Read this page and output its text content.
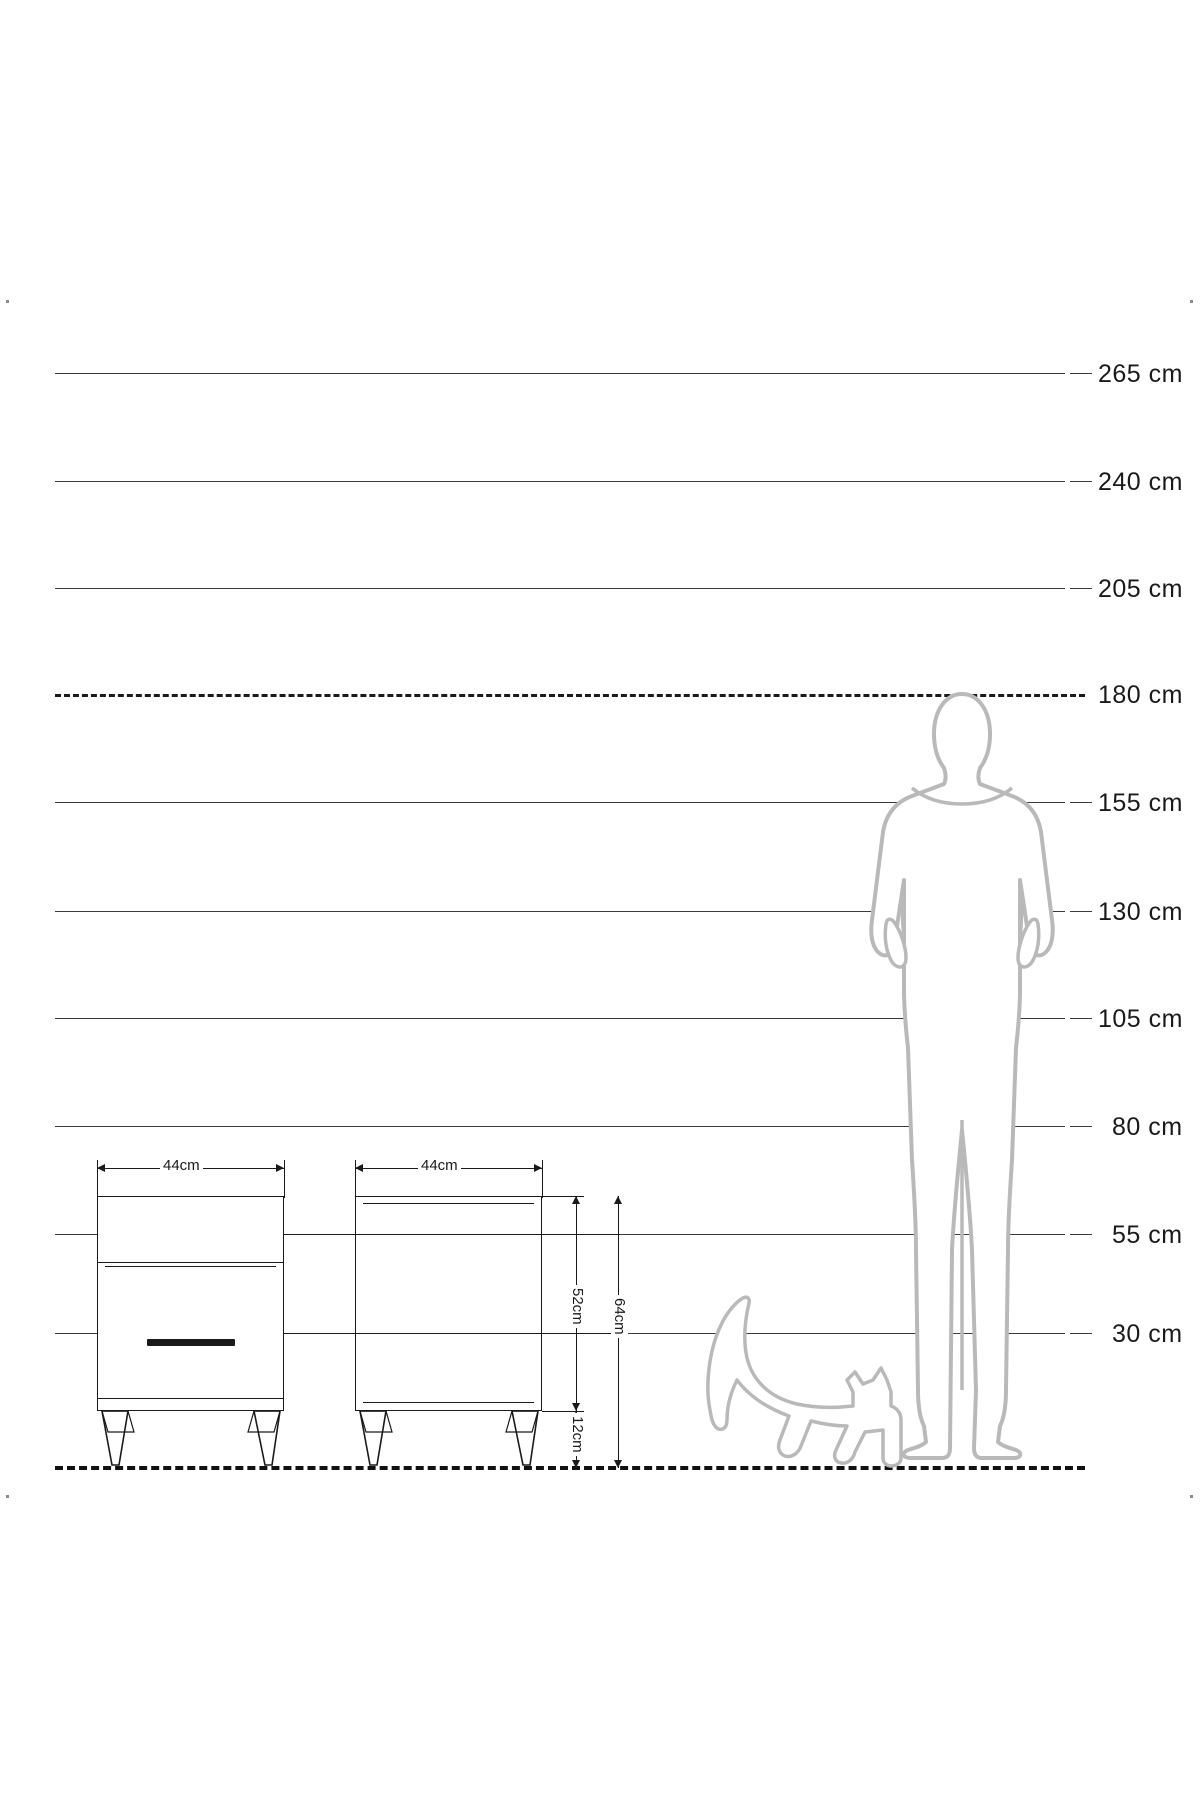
265 cm
240 cm
205 cm
180 cm
155 cm
130 cm
105 cm
80 cm
55 cm
30 cm
44cm	44cm
52cm
12cm
64cm
